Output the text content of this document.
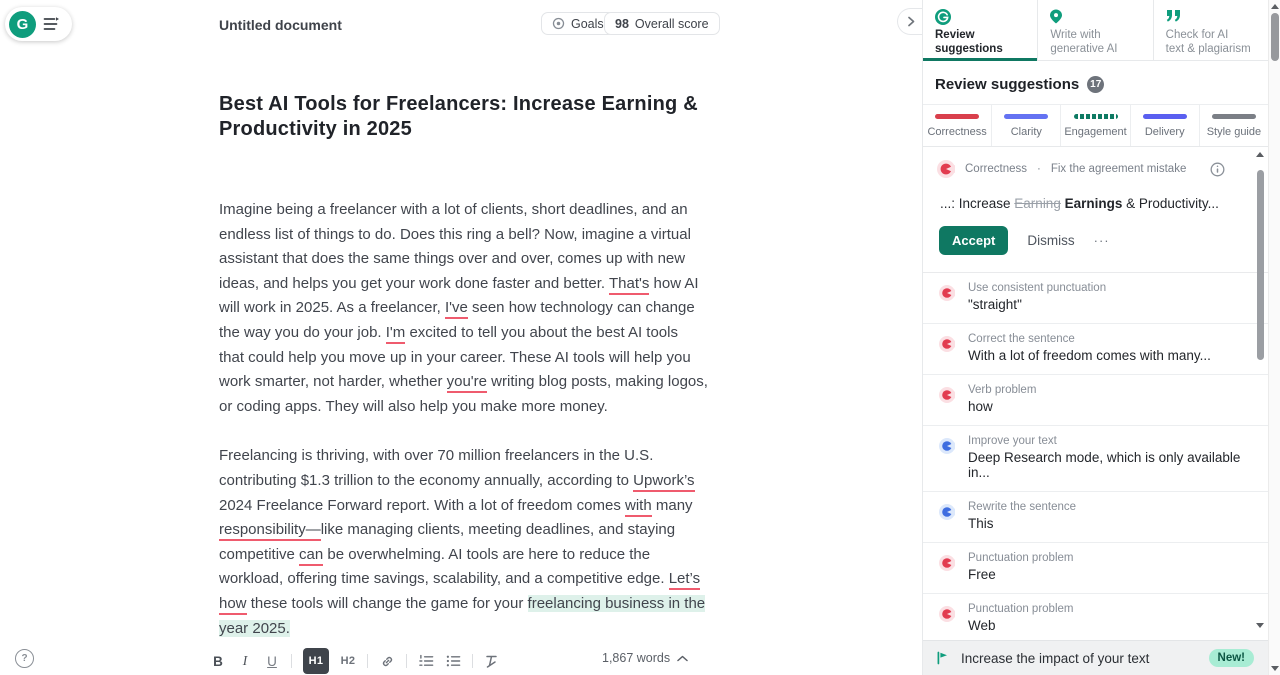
G	Untitled document	Goals 98 Overall score
Best AI Tools for Freelancers: Increase Earning &
Productivity in 2025

Imagine being a freelancer with a lot of clients, short deadlines, and an
endless list of things to do. Does this ring a bell? Now, imagine a virtual
assistant that does the same things over and over, comes up with new
ideas, and helps you get your work done faster and better. That's how AI
will work in 2025. As a freelancer, I've seen how technology can change
the way you do your job. I'm excited to tell you about the best AI tools
that could help you move up in your career. These AI tools will help you
work smarter, not harder, whether you're writing blog posts, making logos,
or coding apps. They will also help you make more money.

Freelancing is thriving, with over 70 million freelancers in the U.S.
contributing $1.3 trillion to the economy annually, according to Upwork’s
2024 Freelance Forward report. With a lot of freedom comes with many
responsibility—like managing clients, meeting deadlines, and staying
competitive can be overwhelming. AI tools are here to reduce the
workload, offering time savings, scalability, and a competitive edge. Let’s
how these tools will change the game for your freelancing business in the
year 2025.

B	I	U	H1	H2	1,867 words
?
Review
suggestions
Write with
generative AI
Check for AI
text & plagiarism
Review suggestions 17
Correctness Clarity Engagement Delivery Style guide
Correctness · Fix the agreement mistake
...: Increase Earning Earnings & Productivity...
Accept	Dismiss ···
Use consistent punctuation
"straight"
Correct the sentence
With a lot of freedom comes with many...
Verb problem
how
Improve your text
Deep Research mode, which is only available in...
Rewrite the sentence
This
Punctuation problem
Free
Punctuation problem
Web
Increase the impact of your text	New!
